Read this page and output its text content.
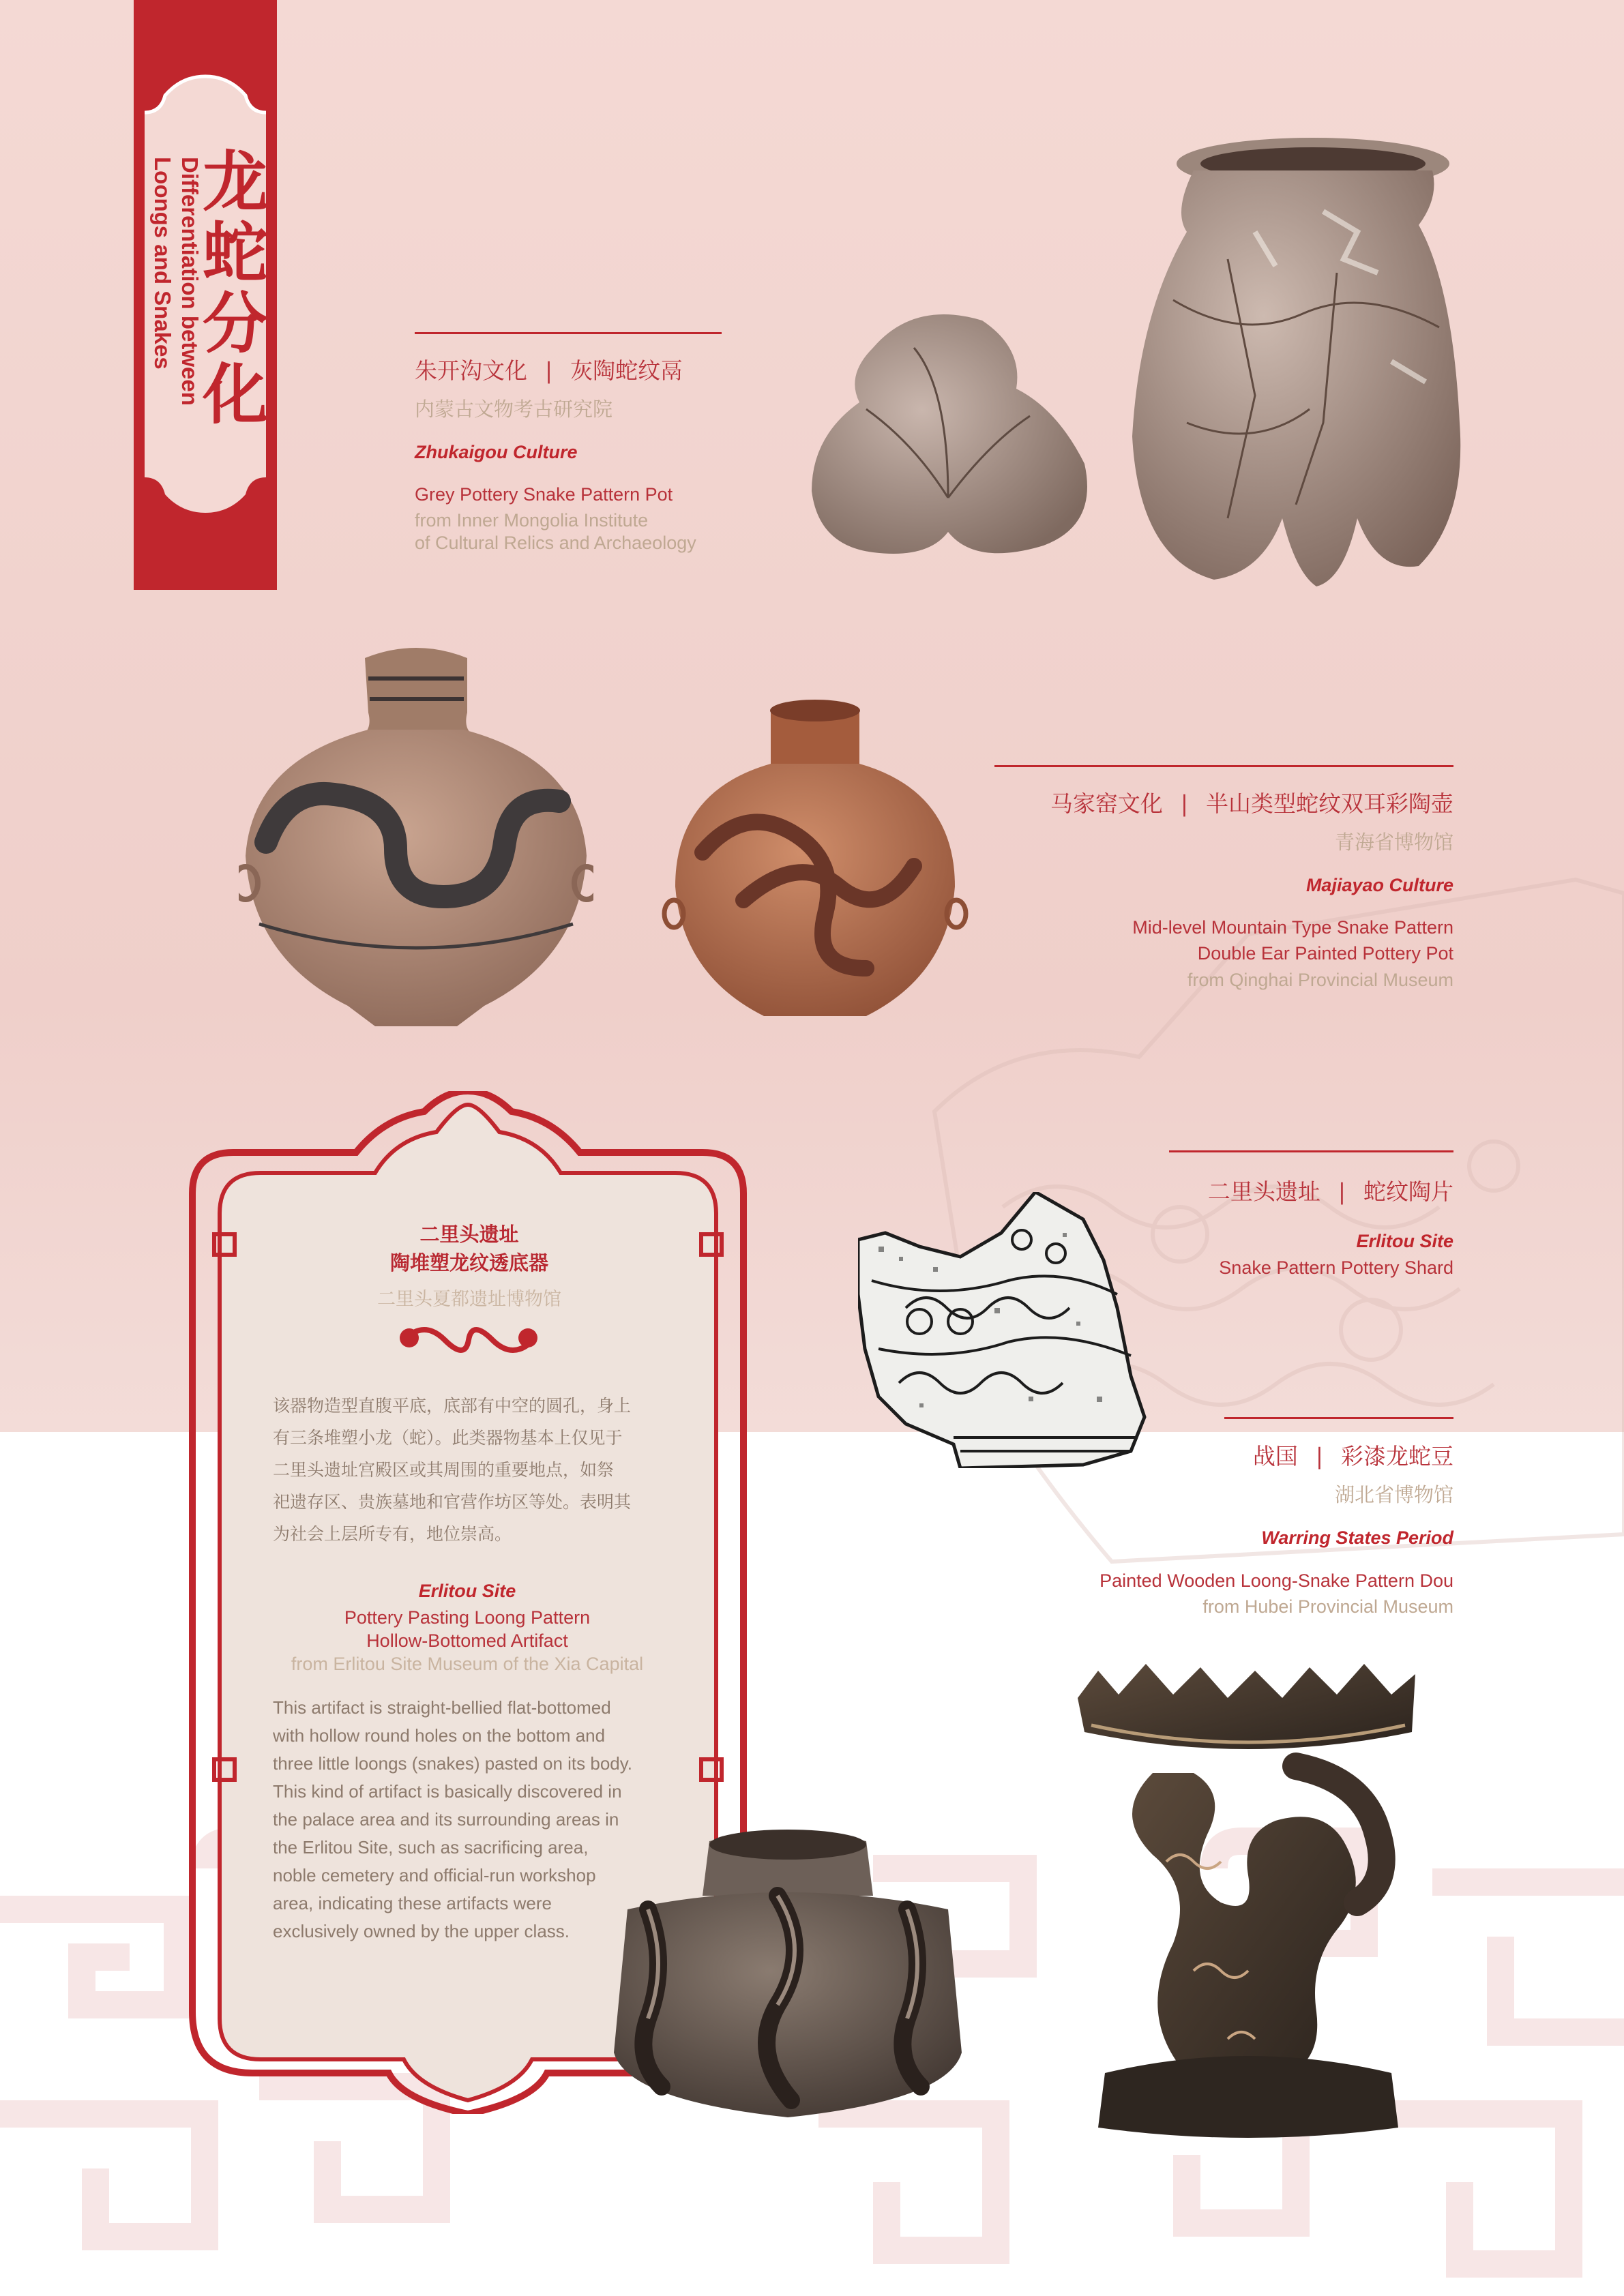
龙蛇分化
Differentiation between
Loongs and Snakes
朱开沟文化 | 灰陶蛇纹鬲
内蒙古文物考古研究院
Zhukaigou Culture
Grey Pottery Snake Pattern Pot
from Inner Mongolia Institute
of Cultural Relics and Archaeology
马家窑文化 | 半山类型蛇纹双耳彩陶壶
青海省博物馆
Majiayao Culture
Mid-level Mountain Type Snake Pattern
Double Ear Painted Pottery Pot
from Qinghai Provincial Museum
二里头遗址 | 蛇纹陶片
Erlitou Site
Snake Pattern Pottery Shard
战国 | 彩漆龙蛇豆
湖北省博物馆
Warring States Period
Painted Wooden Loong-Snake Pattern Dou
from Hubei Provincial Museum
二里头遗址
陶堆塑龙纹透底器
二里头夏都遗址博物馆
该器物造型直腹平底，底部有中空的圆孔，身上
有三条堆塑小龙（蛇）。此类器物基本上仅见于
二里头遗址宫殿区或其周围的重要地点，如祭
祀遗存区、贵族墓地和官营作坊区等处。表明其
为社会上层所专有，地位崇高。
Erlitou Site
Pottery Pasting Loong Pattern
Hollow-Bottomed Artifact
from Erlitou Site Museum of the Xia Capital
This artifact is straight-bellied flat-bottomed
with hollow round holes on the bottom and
three little loongs (snakes) pasted on its body.
This kind of artifact is basically discovered in
the palace area and its surrounding areas in
the Erlitou Site, such as sacrificing area,
noble cemetery and official-run workshop
area, indicating these artifacts were
exclusively owned by the upper class.
